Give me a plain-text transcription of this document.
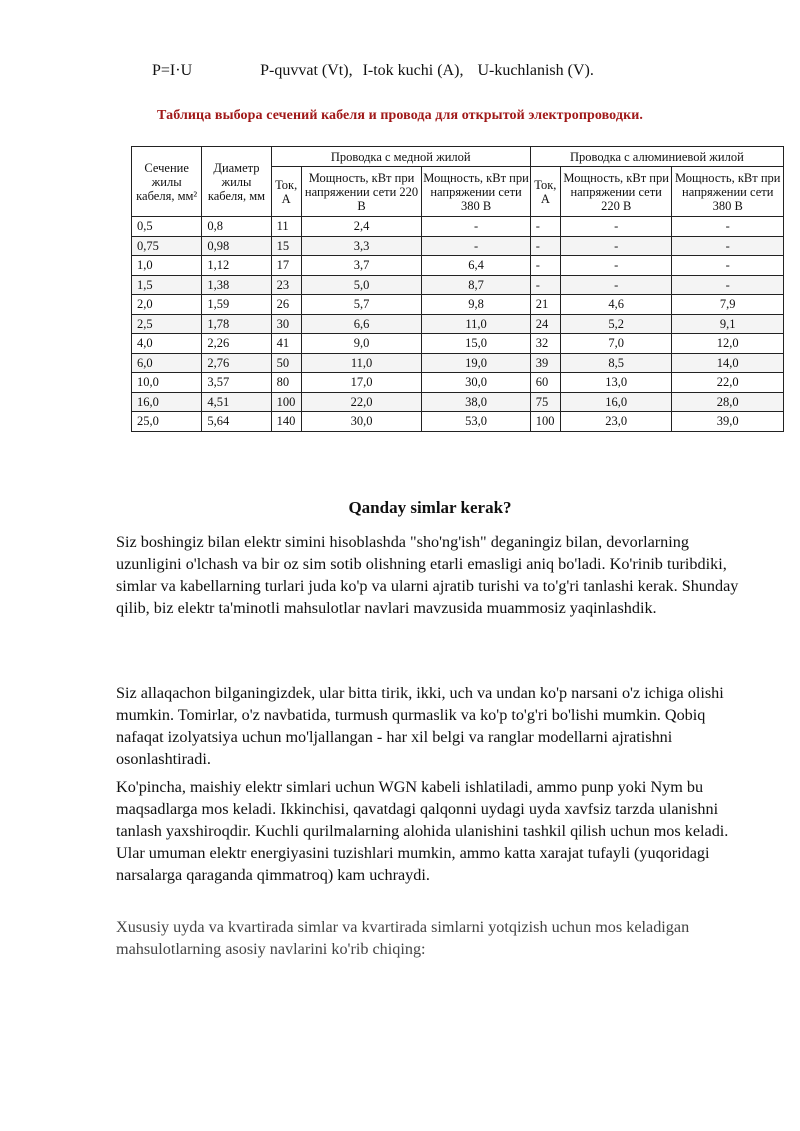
P=I·U	P-quvvat (Vt), I-tok kuchi (A), U-kuchlanish (V).
Таблица выбора сечений кабеля и провода для открытой электропроводки.
Сечение жилы кабеля, мм²	Диаметр жилы кабеля, мм	Проводка с медной жилой			Проводка с алюминиевой жилой		
		Ток, А	Мощность, кВт при напряжении сети 220 В	Мощность, кВт при напряжении сети 380 В	Ток, А	Мощность, кВт при напряжении сети 220 В	Мощность, кВт при напряжении сети 380 В
0,5	0,8	11	2,4	-	-	-	-
0,75	0,98	15	3,3	-	-	-	-
1,0	1,12	17	3,7	6,4	-	-	-
1,5	1,38	23	5,0	8,7	-	-	-
2,0	1,59	26	5,7	9,8	21	4,6	7,9
2,5	1,78	30	6,6	11,0	24	5,2	9,1
4,0	2,26	41	9,0	15,0	32	7,0	12,0
6,0	2,76	50	11,0	19,0	39	8,5	14,0
10,0	3,57	80	17,0	30,0	60	13,0	22,0
16,0	4,51	100	22,0	38,0	75	16,0	28,0
25,0	5,64	140	30,0	53,0	100	23,0	39,0
Qanday simlar kerak?

Siz boshingiz bilan elektr simini hisoblashda "sho'ng'ish" deganingiz bilan, devorlarning uzunligini o'lchash va bir oz sim sotib olishning etarli emasligi aniq bo'ladi. Ko'rinib turibdiki, simlar va kabellarning turlari juda ko'p va ularni ajratib turishi va to'g'ri tanlashi kerak. Shunday qilib, biz elektr ta'minotli mahsulotlar navlari mavzusida muammosiz yaqinlashdik.

Siz allaqachon bilganingizdek, ular bitta tirik, ikki, uch va undan ko'p narsani o'z ichiga olishi mumkin. Tomirlar, o'z navbatida, turmush qurmaslik va ko'p to'g'ri bo'lishi mumkin. Qobiq nafaqat izolyatsiya uchun mo'ljallangan - har xil belgi va ranglar modellarni ajratishni osonlashtiradi.

Ko'pincha, maishiy elektr simlari uchun WGN kabeli ishlatiladi, ammo punp yoki Nym bu maqsadlarga mos keladi. Ikkinchisi, qavatdagi qalqonni uydagi uyda xavfsiz tarzda ulanishni tanlash yaxshiroqdir. Kuchli qurilmalarning alohida ulanishini tashkil qilish uchun mos keladi. Ular umuman elektr energiyasini tuzishlari mumkin, ammo katta xarajat tufayli (yuqoridagi narsalarga qaraganda qimmatroq) kam uchraydi.

Xususiy uyda va kvartirada simlar va kvartirada simlarni yotqizish uchun mos keladigan mahsulotlarning asosiy navlarini ko'rib chiqing:
